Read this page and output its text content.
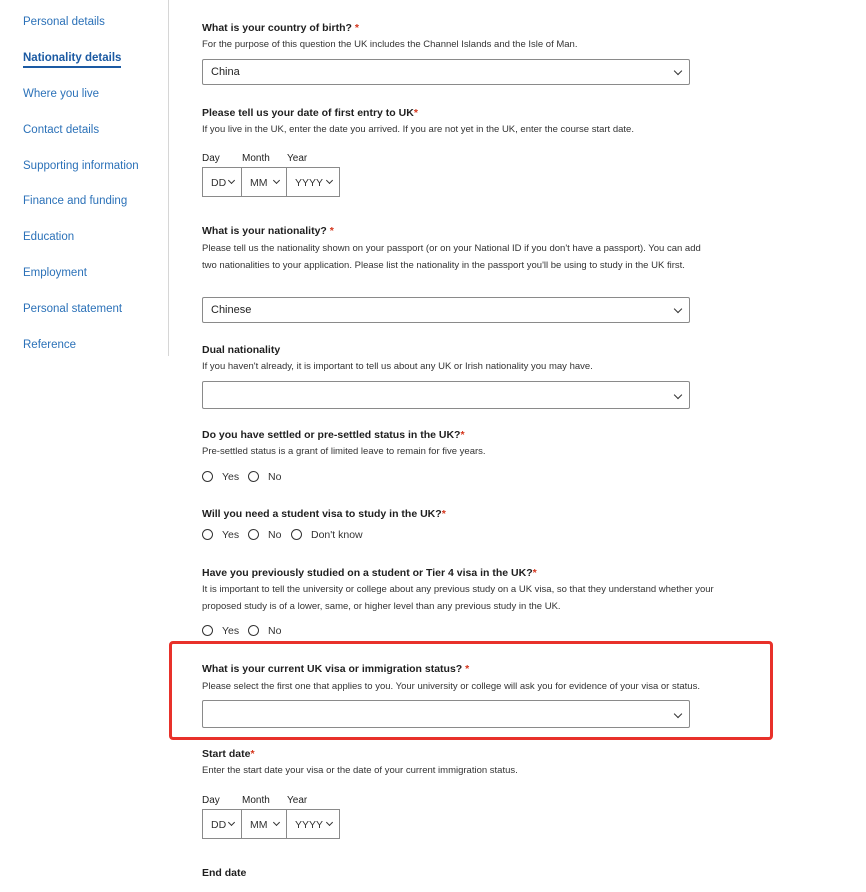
Personal details
Nationality details
Where you live
Contact details
Supporting information
Finance and funding
Education
Employment
Personal statement
Reference
What is your country of birth? *
For the purpose of this question the UK includes the Channel Islands and the Isle of Man.
China
Please tell us your date of first entry to UK*
If you live in the UK, enter the date you arrived. If you are not yet in the UK, enter the course start date.
Day Month Year
DD MM	YYYY
What is your nationality? *
Please tell us the nationality shown on your passport (or on your National ID if you don't have a passport). You can add two nationalities to your application. Please list the nationality in the passport you'll be using to study in the UK first.
Chinese
Dual nationality
If you haven't already, it is important to tell us about any UK or Irish nationality you may have.
Do you have settled or pre-settled status in the UK?*
Pre-settled status is a grant of limited leave to remain for five years.
Yes	No
Will you need a student visa to study in the UK?*
Yes	No	Don't know
Have you previously studied on a student or Tier 4 visa in the UK?*
It is important to tell the university or college about any previous study on a UK visa, so that they understand whether your proposed study is of a lower, same, or higher level than any previous study in the UK.
Yes	No
What is your current UK visa or immigration status? *
Please select the first one that applies to you. Your university or college will ask you for evidence of your visa or status.
Start date*
Enter the start date your visa or the date of your current immigration status.
Day Month Year
DD MM	YYYY
End date
